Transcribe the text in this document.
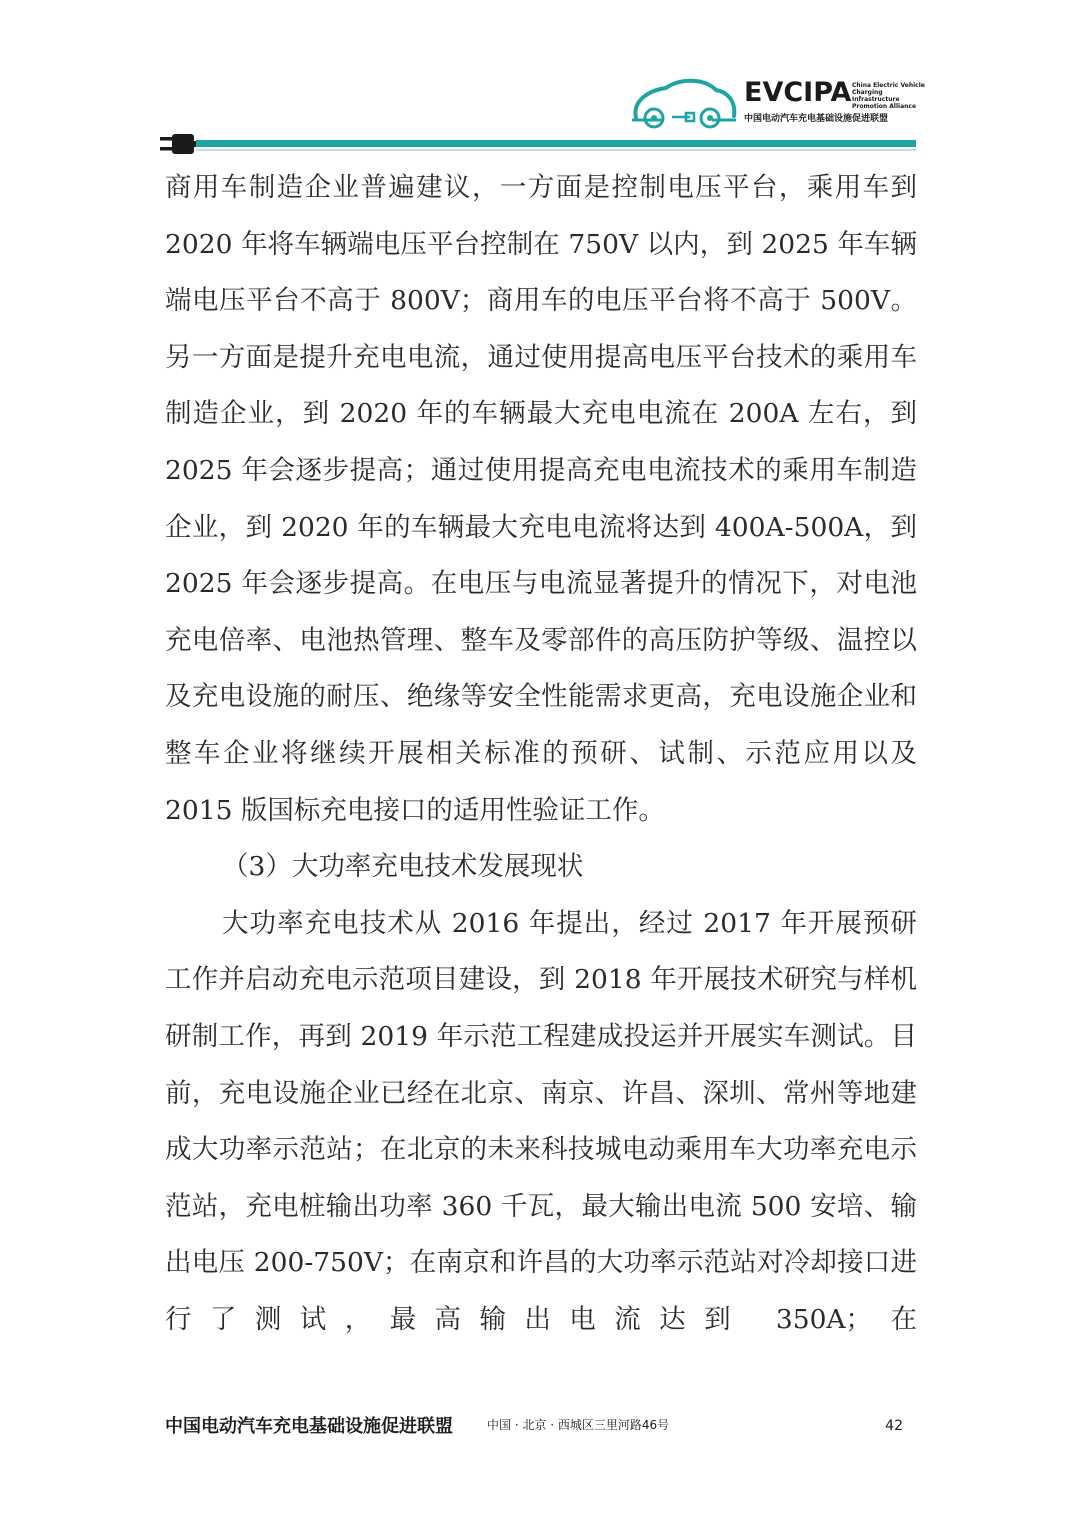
EVCIPA China Electric Vehicle
Charging Infrastructure
Promotion Alliance
中国电动汽车充电基础设施促进联盟

商用车制造企业普遍建议，一方面是控制电压平台，乘用车到 2020 年将车辆端电压平台控制在 750V 以内，到 2025 年车辆端电压平台不高于 800V；商用车的电压平台将不高于 500V。另一方面是提升充电电流，通过使用提高电压平台技术的乘用车制造企业，到 2020 年的车辆最大充电电流在 200A 左右，到 2025 年会逐步提高；通过使用提高充电电流技术的乘用车制造企业，到 2020 年的车辆最大充电电流将达到 400A-500A，到 2025 年会逐步提高。在电压与电流显著提升的情况下，对电池充电倍率、电池热管理、整车及零部件的高压防护等级、温控以及充电设施的耐压、绝缘等安全性能需求更高，充电设施企业和整车企业将继续开展相关标准的预研、试制、示范应用以及 2015 版国标充电接口的适用性验证工作。

（3）大功率充电技术发展现状

大功率充电技术从 2016 年提出，经过 2017 年开展预研工作并启动充电示范项目建设，到 2018 年开展技术研究与样机研制工作，再到 2019 年示范工程建成投运并开展实车测试。目前，充电设施企业已经在北京、南京、许昌、深圳、常州等地建成大功率示范站；在北京的未来科技城电动乘用车大功率充电示范站，充电桩输出功率 360 千瓦，最大输出电流 500 安培、输出电压 200-750V；在南京和许昌的大功率示范站对冷却接口进行了测试，最高输出电流达到 350A；在

中国电动汽车充电基础设施促进联盟	中国 · 北京 · 西城区三里河路46号	42
